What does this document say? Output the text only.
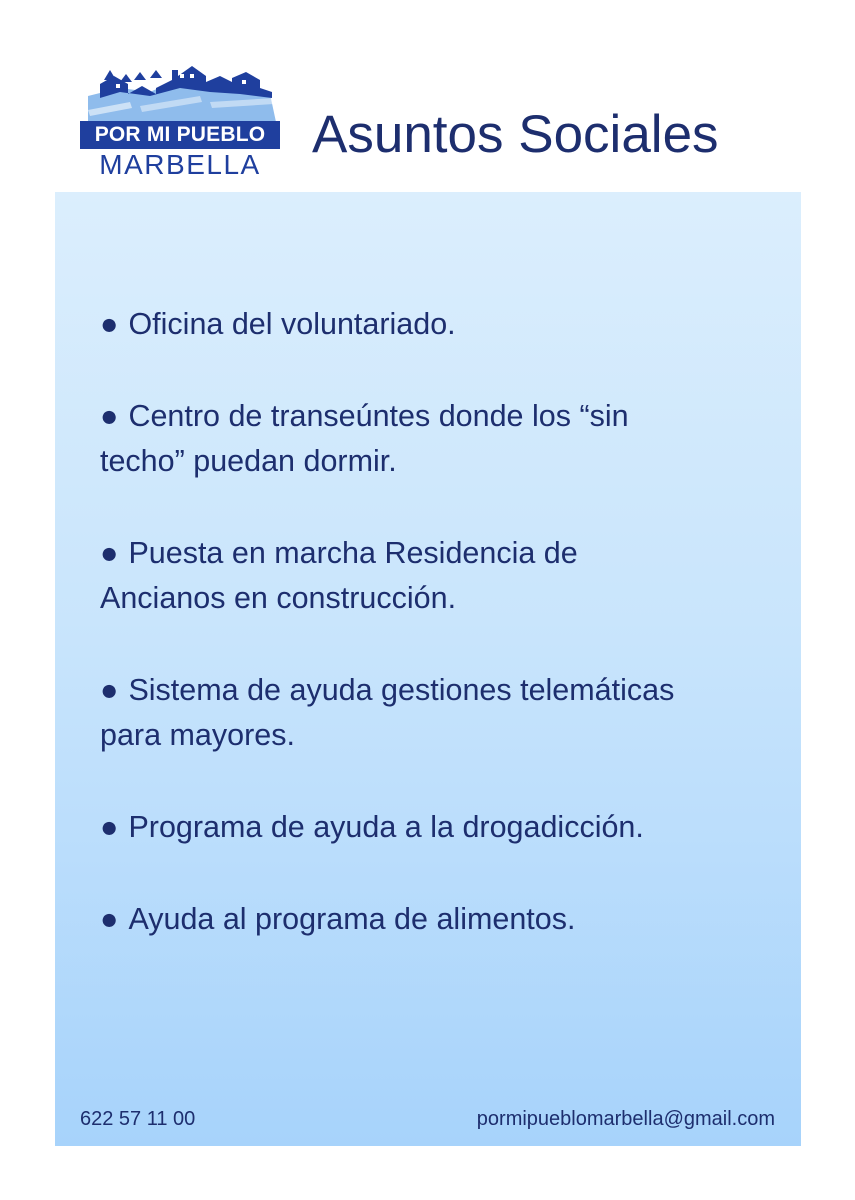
POR MI PUEBLO
MARBELLA
Asuntos Sociales
● Oficina del voluntariado.
● Centro de transeúntes donde los “sin
techo” puedan dormir.
● Puesta en marcha Residencia de
Ancianos en construcción.
● Sistema de ayuda gestiones telemáticas
para mayores.
● Programa de ayuda a la drogadicción.
● Ayuda al programa de alimentos.
622 57 11 00	pormipueblomarbella@gmail.com
